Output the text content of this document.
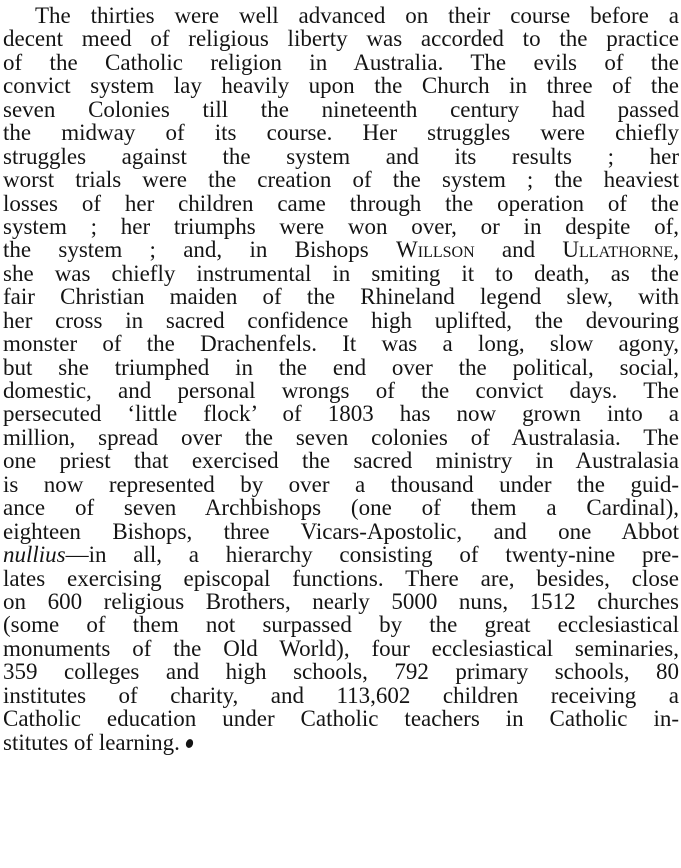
The thirties were well advanced on their course before a
decent meed of religious liberty was accorded to the practice
of the Catholic religion in Australia. The evils of the
convict system lay heavily upon the Church in three of the
seven Colonies till the nineteenth century had passed
the midway of its course. Her struggles were chiefly
struggles against the system and its results ; her
worst trials were the creation of the system ; the heaviest
losses of her children came through the operation of the
system ; her triumphs were won over, or in despite of,
the system ; and, in Bishops Willson and Ullathorne,
she was chiefly instrumental in smiting it to death, as the
fair Christian maiden of the Rhineland legend slew, with
her cross in sacred confidence high uplifted, the devouring
monster of the Drachenfels. It was a long, slow agony,
but she triumphed in the end over the political, social,
domestic, and personal wrongs of the convict days. The
persecuted ‘little flock’ of 1803 has now grown into a
million, spread over the seven colonies of Australasia. The
one priest that exercised the sacred ministry in Australasia
is now represented by over a thousand under the guid-
ance of seven Archbishops (one of them a Cardinal),
eighteen Bishops, three Vicars-Apostolic, and one Abbot
nullius—in all, a hierarchy consisting of twenty-nine pre-
lates exercising episcopal functions. There are, besides, close
on 600 religious Brothers, nearly 5000 nuns, 1512 churches
(some of them not surpassed by the great ecclesiastical
monuments of the Old World), four ecclesiastical seminaries,
359 colleges and high schools, 792 primary schools, 80
institutes of charity, and 113,602 children receiving a
Catholic education under Catholic teachers in Catholic in-
stitutes of learning.
